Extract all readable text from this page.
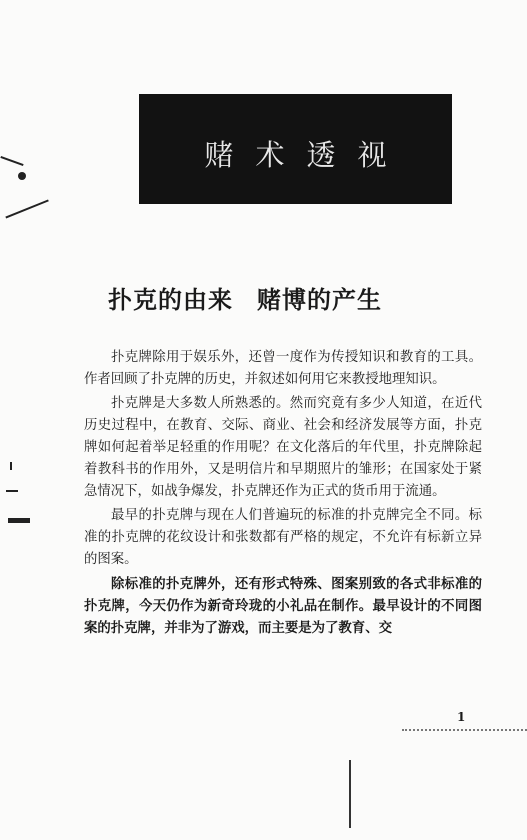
赌术透视
扑克的由来 赌博的产生

扑克牌除用于娱乐外，还曾一度作为传授知识和教育的工具。作者回顾了扑克牌的历史，并叙述如何用它来教授地理知识。

扑克牌是大多数人所熟悉的。然而究竟有多少人知道，在近代历史过程中，在教育、交际、商业、社会和经济发展等方面，扑克牌如何起着举足轻重的作用呢？在文化落后的年代里，扑克牌除起着教科书的作用外，又是明信片和早期照片的雏形；在国家处于紧急情况下，如战争爆发，扑克牌还作为正式的货币用于流通。

最早的扑克牌与现在人们普遍玩的标准的扑克牌完全不同。标准的扑克牌的花纹设计和张数都有严格的规定，不允许有标新立异的图案。

除标准的扑克牌外，还有形式特殊、图案别致的各式非标准的扑克牌，今天仍作为新奇玲珑的小礼品在制作。最早设计的不同图案的扑克牌，并非为了游戏，而主要是为了教育、交

1
